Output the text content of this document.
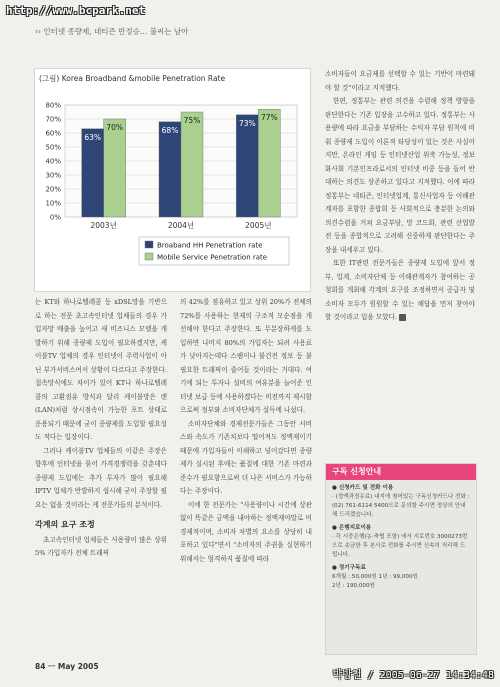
http://www.bcpark.net
›› 인터넷 종량제, 네티즌 반정승… 불씨는 남아
(그림) Korea Broadband &mobile Penetration Rate
0%
10%
20%
30%
40%
50%
60%
70%
80%
63%
70%
2003년
68%
75%
2004년
73%
77%
2005년
Broaband HH Penetration rate
Mobile Service Penetration rate

는 KT와 하나로텔레콤 등 xDSL망을 기반으로 하는 전문 초고속인터넷 업체들의 경우 가입자망 매출을 높이고 새 비즈니스 모델을 개발하기 위해 종량제 도입이 필요하겠지만, 케이블TV 업체의 경우 인터넷이 주력사업이 아닌 부가서비스여서 상황이 다르다고 주장한다. 접속망식에도 차이가 있어 KT나 하나로텔레콤의 고환점유 방식과 달리 케이블망은 랜(LAN)처럼 상시점속이 가능한 포트 상태로 운용되기 때문에 굳이 종량제를 도입할 필요성도 적다는 입장이다.

그러나 케이블TV 업체들의 이같은 주장은 향후에 인터넷을 묶어 가격경쟁력을 갖춘데다 종량제 도입에는 추가 투자가 많이 필요해 IPTV 업체가 반발하지 쉽시해 굳이 주장할 필요는 없을 것이라는 게 전문가들의 분석이다.

각계의 요구 조정

초고속인터넷 업체들은 사용량이 많은 상위 5% 가입자가 전체 트래픽

의 42%를 점유하고 있고 상위 20%가 전체의 72%를 사용하는 현재의 구조적 모순점을 개선해야 한다고 주장한다. 또 무분장하게를 도입하면 나머지 80%의 가입자는 되려 사용료가 낮아지는데다 스팸이나 불건전 정보 등 불필요한 트래픽이 줄어들 것이라는 거대다. 여기에 되는 투자나 설비의 여유분을 늘어준 인터넷 보급 등에 사용하겠다는 비전까지 제시함으로써 정부와 소비자단체가 설득에 나섰다.

소비자단체와 경제전문가들은 그동안 서비스와 속도가 기존치보다 떨어져도 정액제이기 때문에 가입자들이 이해하고 넘어갔다면 종량제가 실시된 후에는 품질에 대한 기존 마련과 준수가 필요함으로써 더 나은 서비스가 가능하다는 주장이다.

이에 한 전문가는 "사용량이나 시간에 상관없이 똑같은 금액을 내야하는 정액제야말로 비경제적이며, 소비자 차별의 요소를 상당히 내포하고 있다"면서 "소비자의 주권을 실현하기 위해서는 엄격하지 품질에 따라

소비자들이 요금제를 선택할 수 있는 기반이 마련돼야 할 것"이라고 지적했다.

한편, 정통부는 관련 의견을 수렴해 정책 방향을 판단한다는 기존 입장을 고수하고 있다. 정통부는 사용량에 따라 요금을 부담하는 수익자 부담 원칙에 비춰 종량제 도입이 이론적 타당성이 있는 것은 사실이지만, 온라인 게임 등 인터넷산업 위축 가능성, 정보화사회 기본인프라로서의 인터넷 비중 등을 들어 반대하는 의견도 상존하고 있다고 지적했다. 이에 따라 정통부는 네티즌, 인터넷업계, 통신사업자 등 이해관계자를 포함한 종합회 등 사회적으로 충분한 논의와 의견수렴을 거쳐 요금부담, 망 코드화, 관련 산업발전 등을 종합적으로 고려해 신중하게 판단한다는 주장을 내세우고 있다.

또한 IT관련 전문가들은 종량제 도입에 앞서 정부, 업계, 소비자단체 등 이해관계자가 참여하는 공청회를 개최해 각계의 요구를 조정하면서 공급자 및 소비자 모두가 원원할 수 있는 해답을 먼저 찾아야 할 것이라고 입을 모았다.

구독 신청안내
● 신청카드 및 전화 이용
· (정액과정유료) 내지에 첨어있는 구독신청카드나 전화 : (02) 761-6114 5400으로 문의할 주시면 정상의 안내해 드리겠습니다.
● 은행지로이용
· 각 시중은행(농·축협 포함) 에서 지로번호 3000273번으로 송금한 후 본사로 전화를 주시면 신속히 처리해 드립니다.
● 정기구독료
6개월 : 50,000원 1년 : 99,000원
2년 : 190,000원
84 ㅡ May 2005
박방철 / 2005-06-27 14:34:48
